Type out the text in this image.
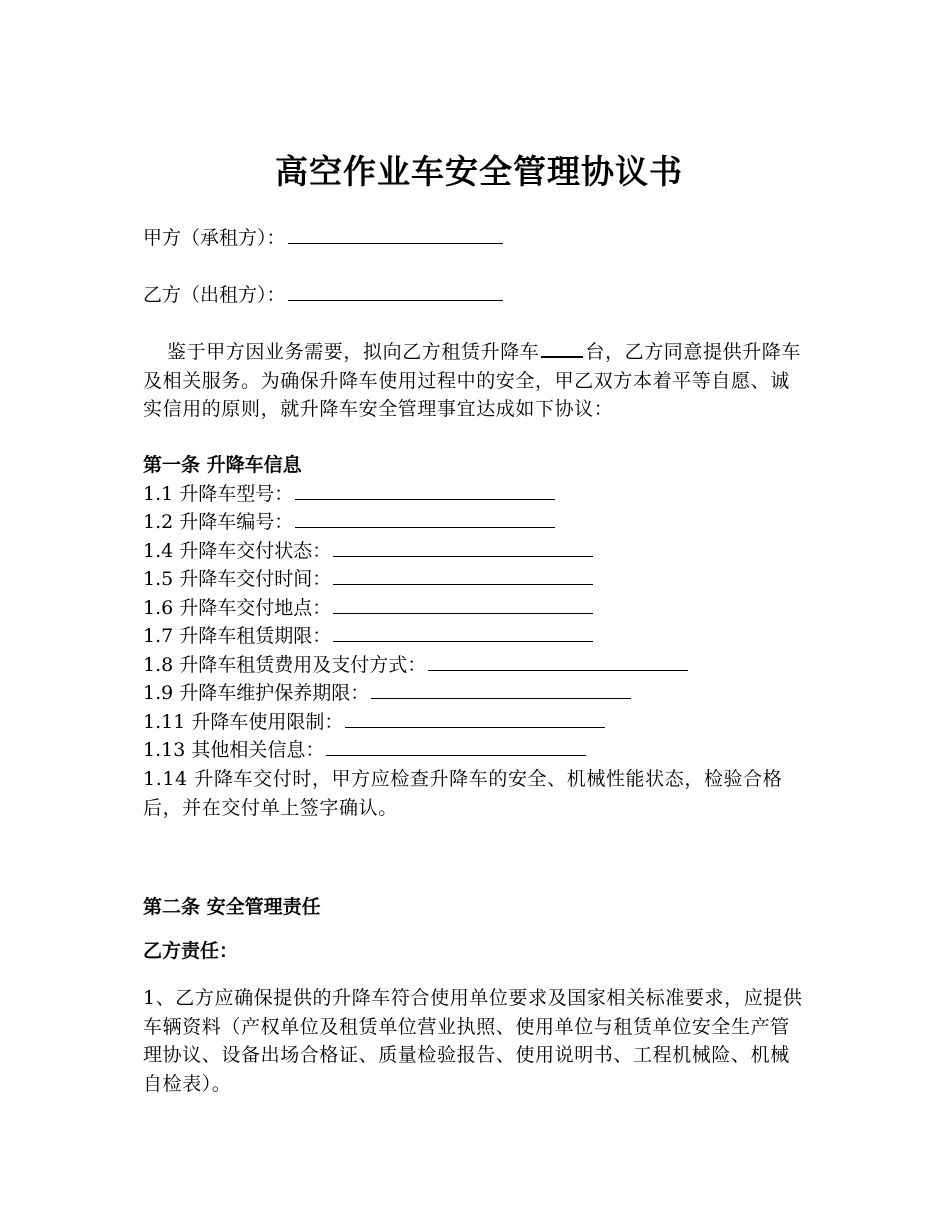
高空作业车安全管理协议书
甲方（承租方）：
乙方（出租方）：
鉴于甲方因业务需要，拟向乙方租赁升降车 台，乙方同意提供升降车及相关服务。为确保升降车使用过程中的安全，甲乙双方本着平等自愿、诚实信用的原则，就升降车安全管理事宜达成如下协议：
第一条 升降车信息
1.1 升降车型号：
1.2 升降车编号：
1.4 升降车交付状态：
1.5 升降车交付时间：
1.6 升降车交付地点：
1.7 升降车租赁期限：
1.8 升降车租赁费用及支付方式：
1.9 升降车维护保养期限：
1.11 升降车使用限制：
1.13 其他相关信息：
1.14 升降车交付时，甲方应检查升降车的安全、机械性能状态，检验合格后，并在交付单上签字确认。
第二条 安全管理责任
乙方责任：
1、乙方应确保提供的升降车符合使用单位要求及国家相关标准要求，应提供车辆资料（产权单位及租赁单位营业执照、使用单位与租赁单位安全生产管理协议、设备出场合格证、质量检验报告、使用说明书、工程机械险、机械自检表）。
